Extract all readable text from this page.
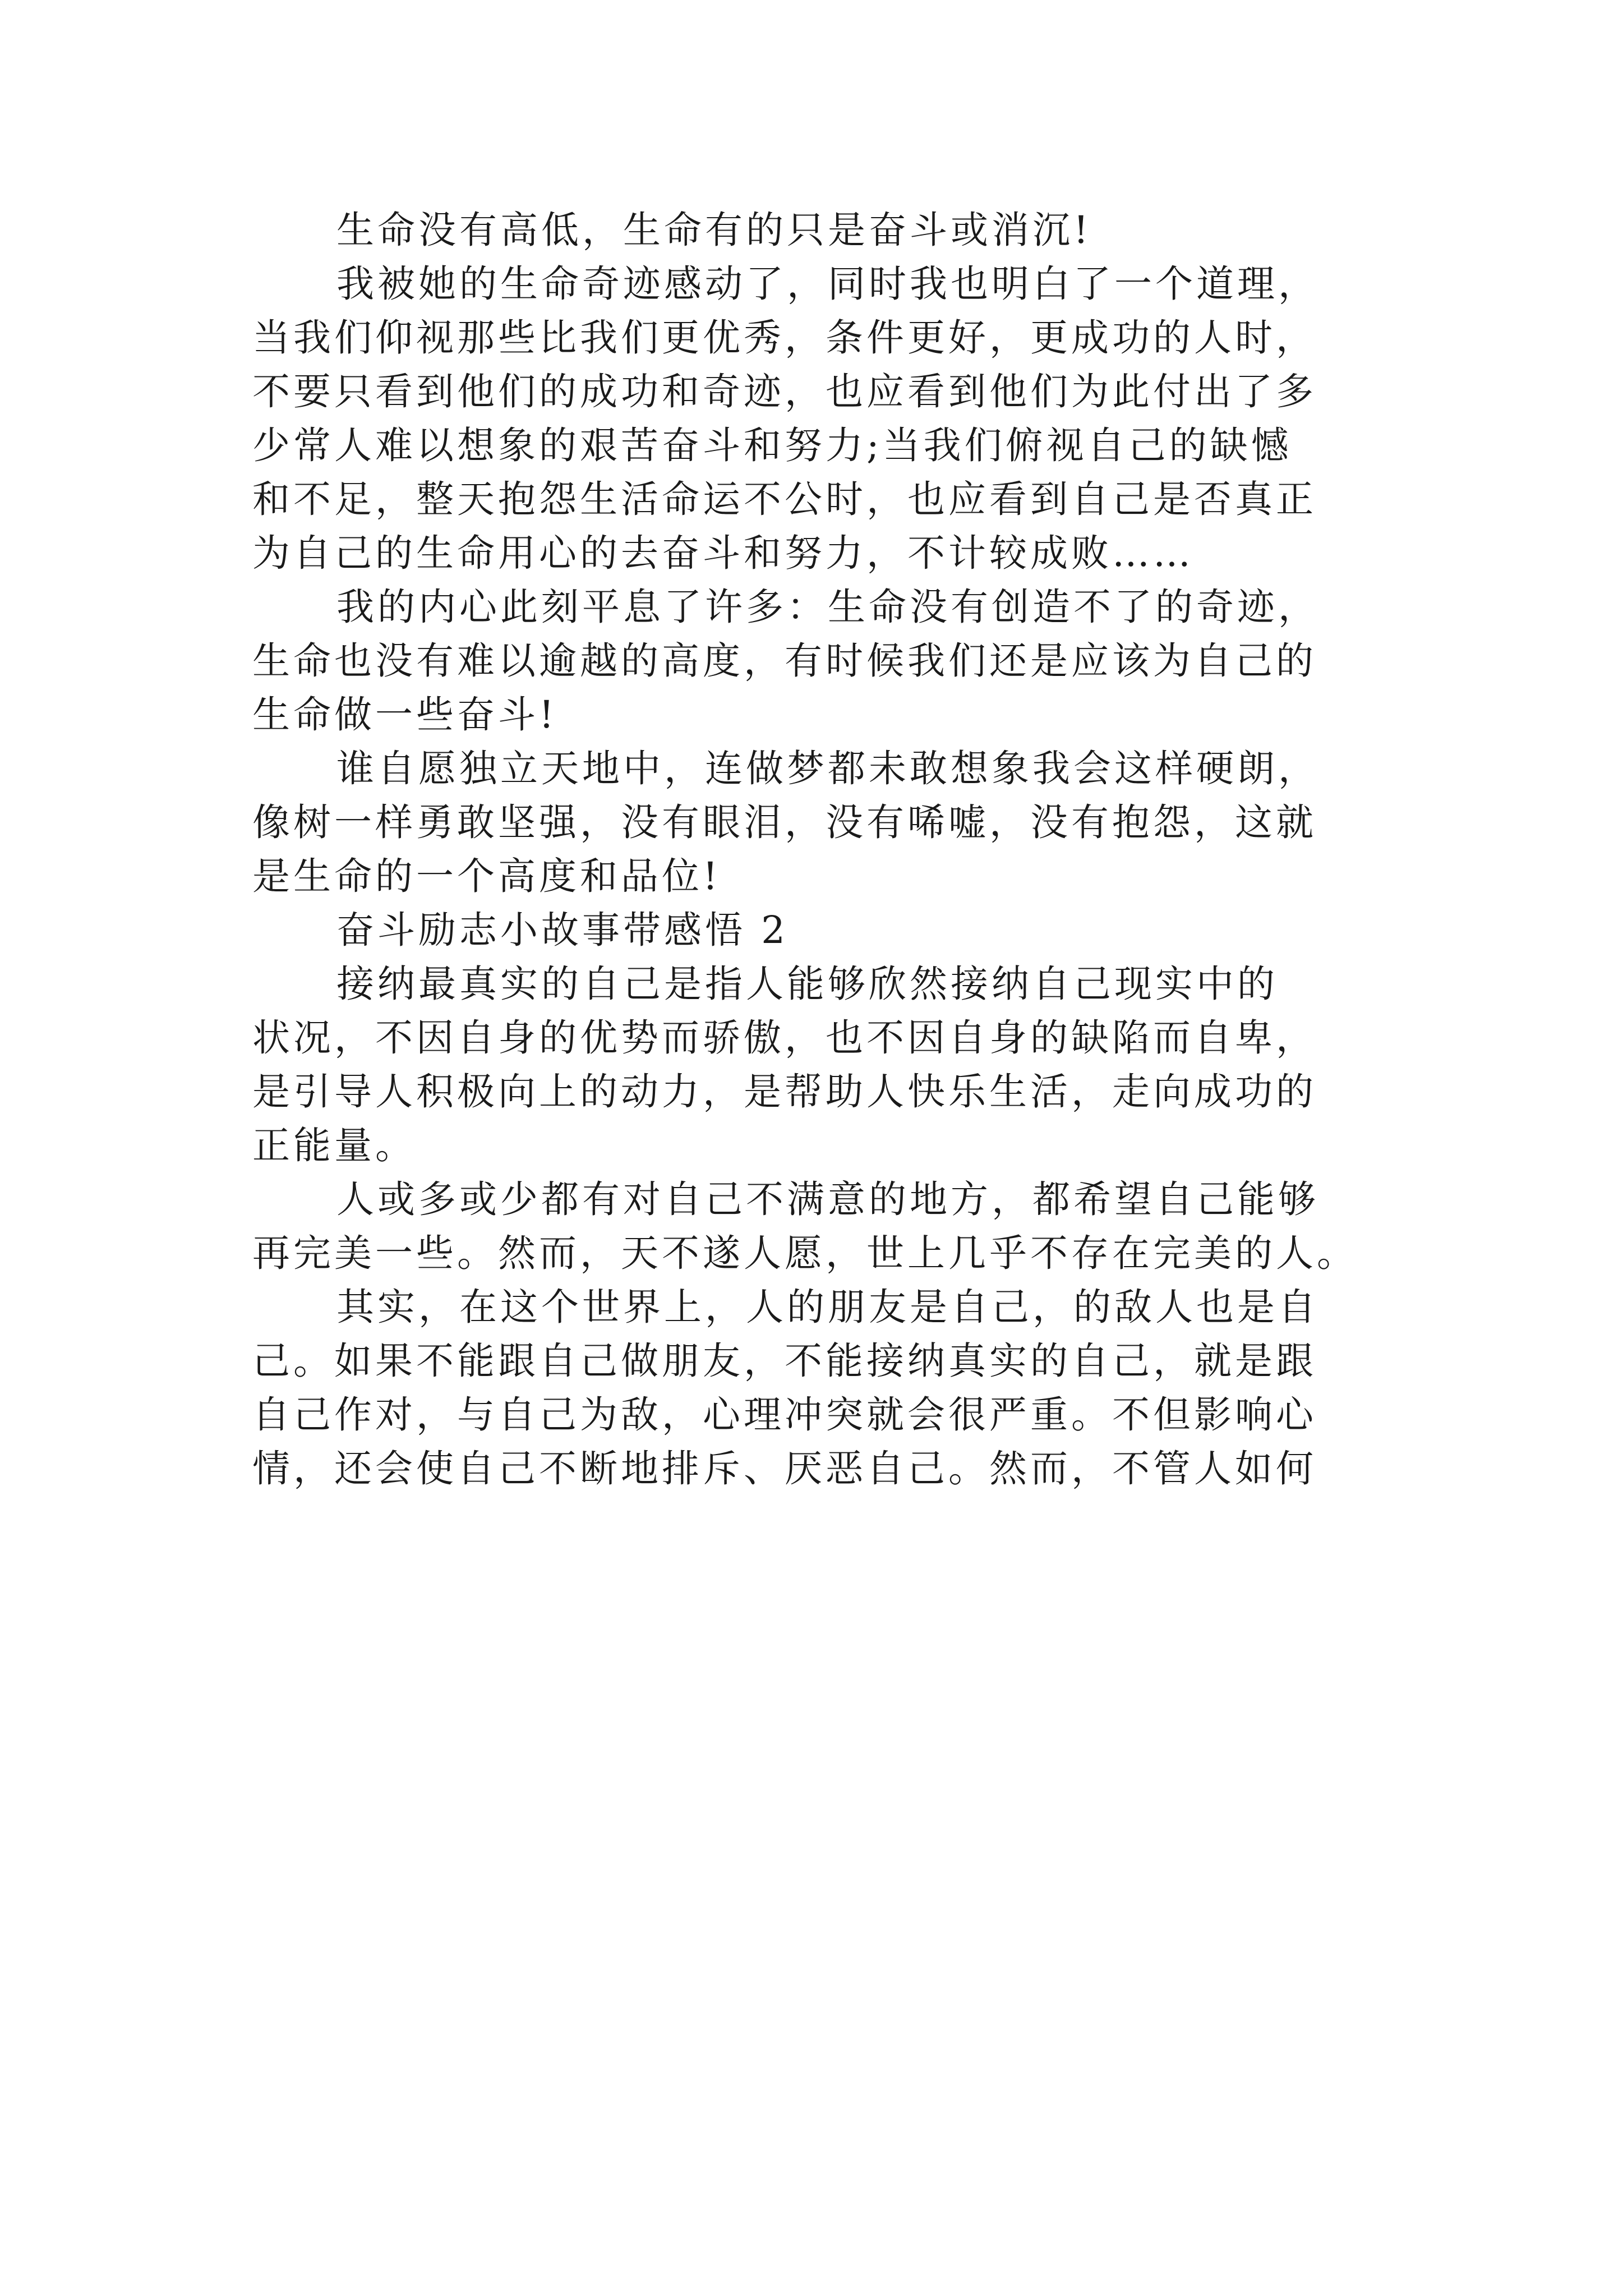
生命没有高低，生命有的只是奋斗或消沉!
我被她的生命奇迹感动了，同时我也明白了一个道理，
当我们仰视那些比我们更优秀，条件更好，更成功的人时，
不要只看到他们的成功和奇迹，也应看到他们为此付出了多
少常人难以想象的艰苦奋斗和努力;当我们俯视自己的缺憾
和不足，整天抱怨生活命运不公时，也应看到自己是否真正
为自己的生命用心的去奋斗和努力，不计较成败……
我的内心此刻平息了许多：生命没有创造不了的奇迹，
生命也没有难以逾越的高度，有时候我们还是应该为自己的
生命做一些奋斗!
谁自愿独立天地中，连做梦都未敢想象我会这样硬朗，
像树一样勇敢坚强，没有眼泪，没有唏嘘，没有抱怨，这就
是生命的一个高度和品位!
奋斗励志小故事带感悟 2
接纳最真实的自己是指人能够欣然接纳自己现实中的
状况，不因自身的优势而骄傲，也不因自身的缺陷而自卑，
是引导人积极向上的动力，是帮助人快乐生活，走向成功的
正能量。
人或多或少都有对自己不满意的地方，都希望自己能够
再完美一些。然而，天不遂人愿，世上几乎不存在完美的人。
其实，在这个世界上，人的朋友是自己，的敌人也是自
己。如果不能跟自己做朋友，不能接纳真实的自己，就是跟
自己作对，与自己为敌，心理冲突就会很严重。不但影响心
情，还会使自己不断地排斥、厌恶自己。然而，不管人如何
